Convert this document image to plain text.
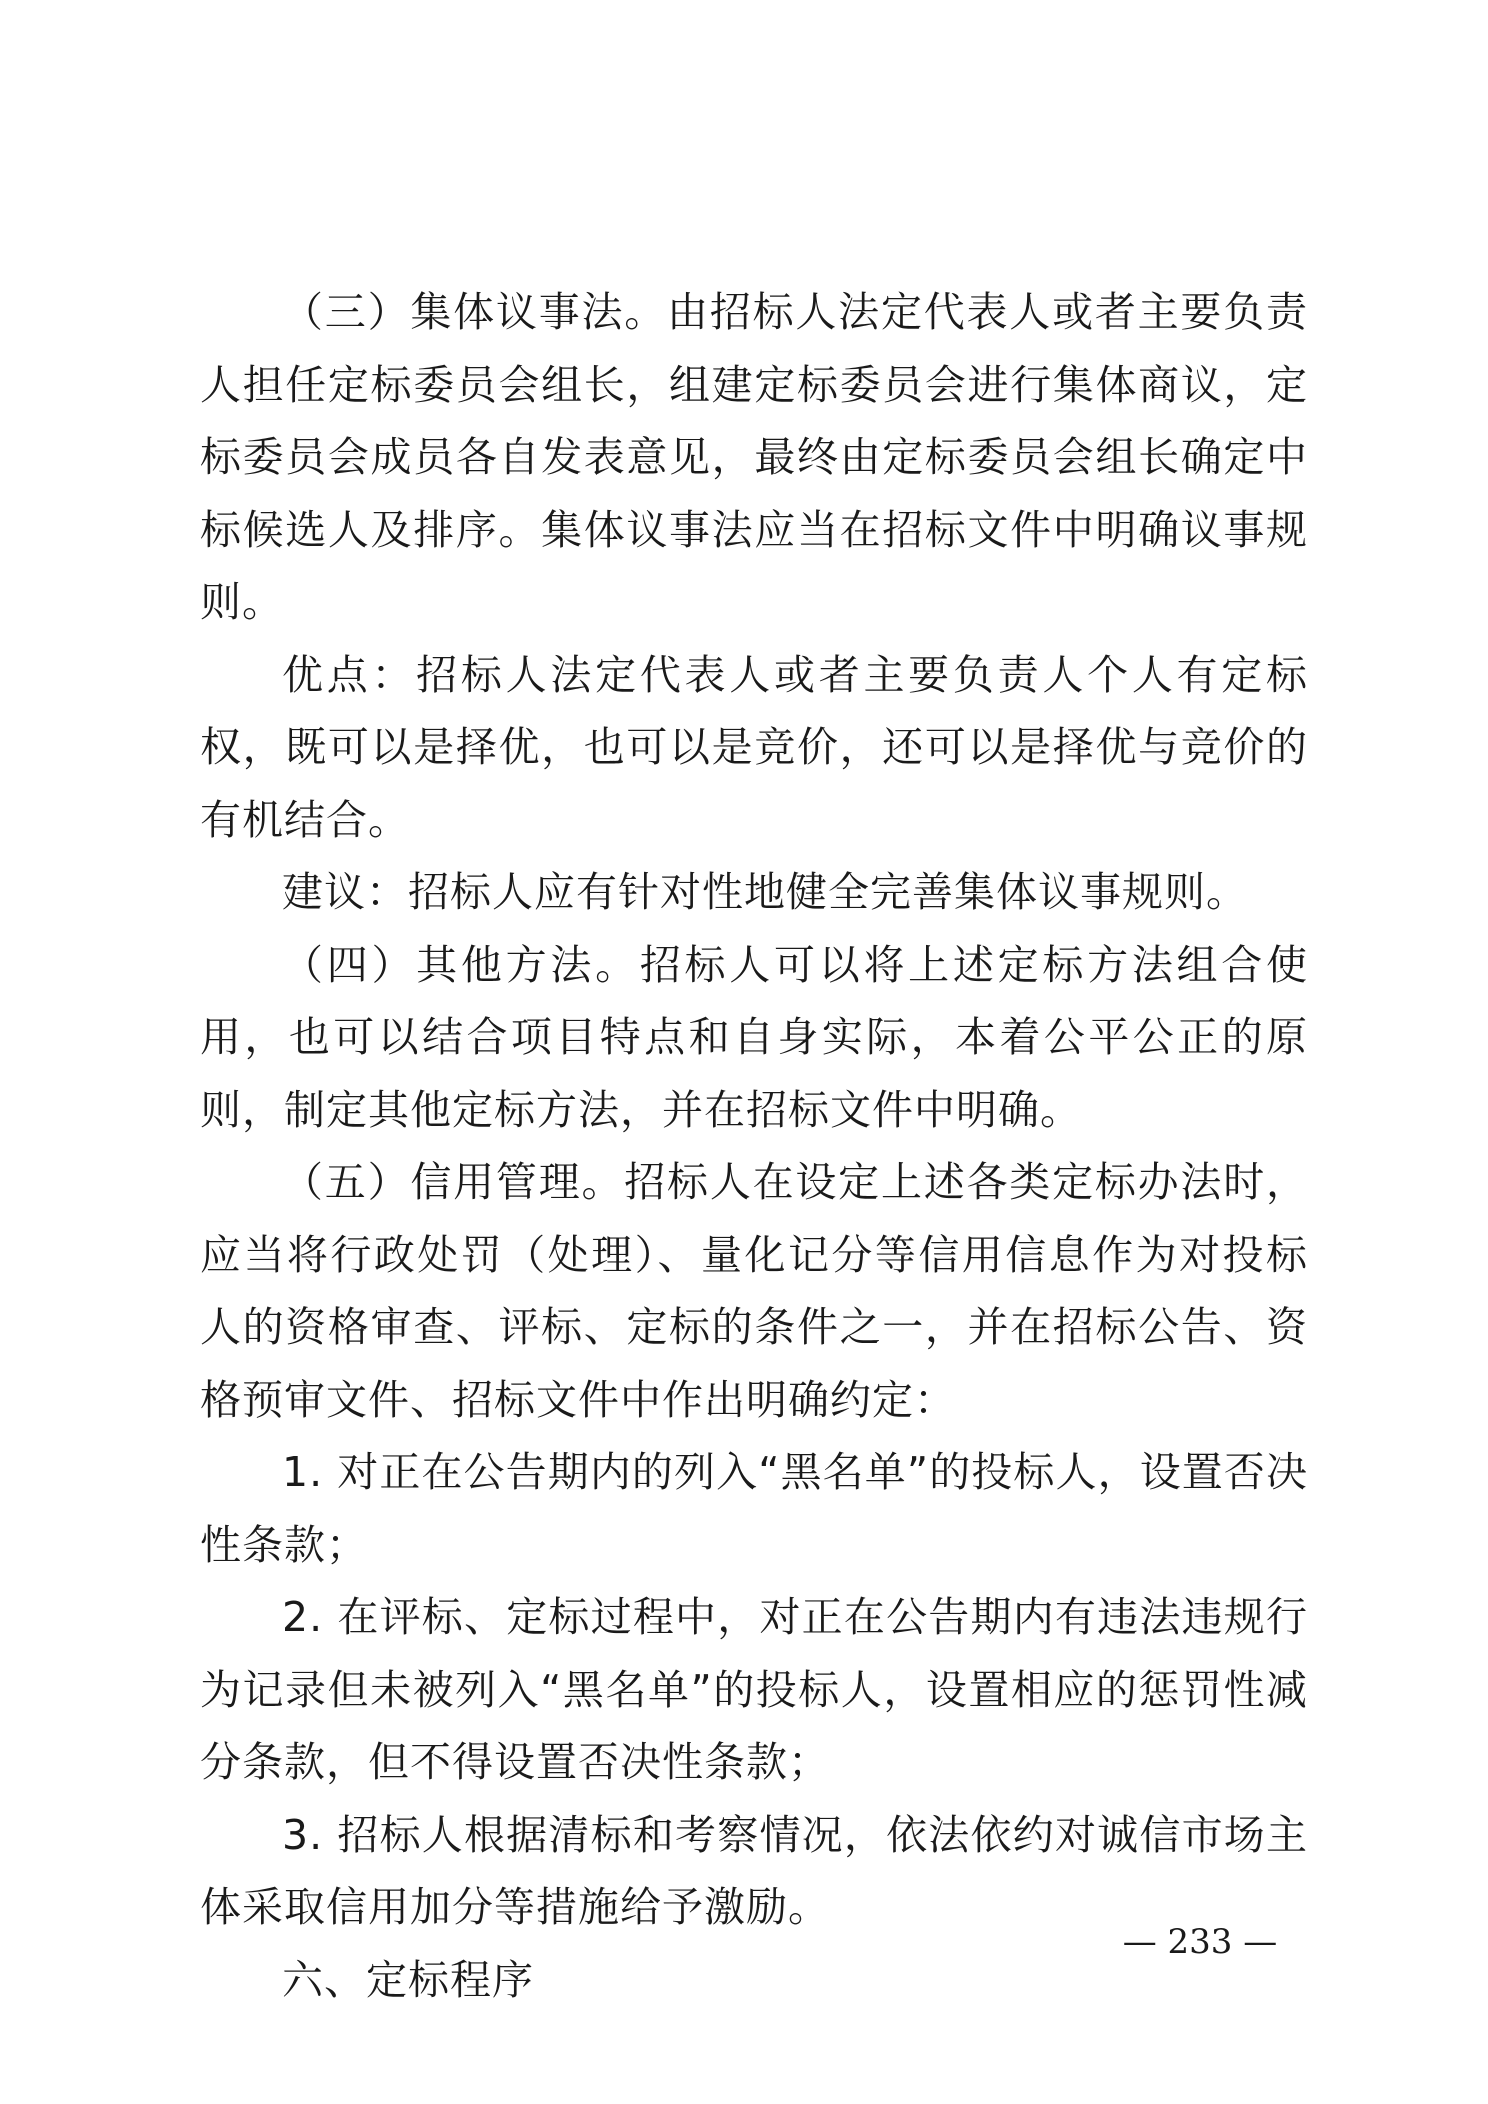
（三）集体议事法。由招标人法定代表人或者主要负责人担任定标委员会组长，组建定标委员会进行集体商议，定标委员会成员各自发表意见，最终由定标委员会组长确定中标候选人及排序。集体议事法应当在招标文件中明确议事规则。

优点：招标人法定代表人或者主要负责人个人有定标权，既可以是择优，也可以是竞价，还可以是择优与竞价的有机结合。

建议：招标人应有针对性地健全完善集体议事规则。

（四）其他方法。招标人可以将上述定标方法组合使用，也可以结合项目特点和自身实际，本着公平公正的原则，制定其他定标方法，并在招标文件中明确。

（五）信用管理。招标人在设定上述各类定标办法时，应当将行政处罚（处理）、量化记分等信用信息作为对投标人的资格审查、评标、定标的条件之一，并在招标公告、资格预审文件、招标文件中作出明确约定：

1. 对正在公告期内的列入“黑名单”的投标人，设置否决性条款；

2. 在评标、定标过程中，对正在公告期内有违法违规行为记录但未被列入“黑名单”的投标人，设置相应的惩罚性减分条款，但不得设置否决性条款；

3. 招标人根据清标和考察情况，依法依约对诚信市场主体采取信用加分等措施给予激励。

六、定标程序

— 233 —
